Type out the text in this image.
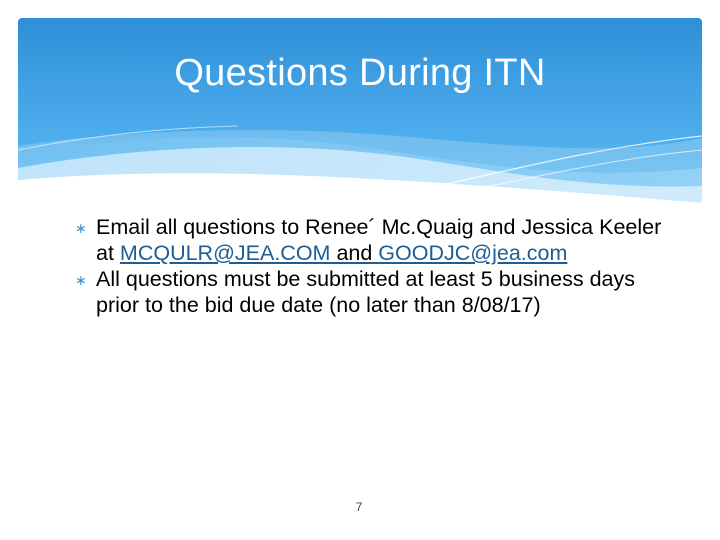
Questions During ITN

∗ Email all questions to Renee´ Mc.Quaig and Jessica Keeler at MCQULR@JEA.COM and GOODJC@jea.com

∗ All questions must be submitted at least 5 business days prior to the bid due date (no later than 8/08/17)

7
